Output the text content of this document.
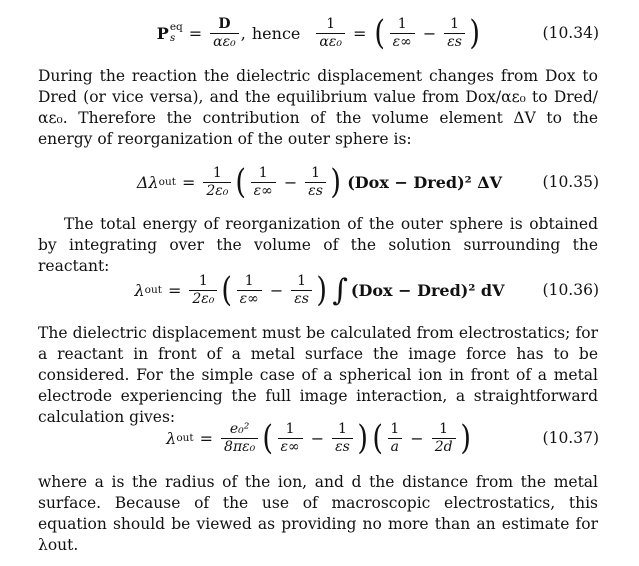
P eq
$s = \frac{D}{\text{αε₀}}$ , hence $\frac{1}{\text{αε₀}}$ = ( $\frac{1}{\varepsilon\infty} - \frac{1}{\varepsilon s}$ )	(10.34)

During the reaction the dielectric displacement changes from Dox to Dred (or vice versa), and the equilibrium value from Dox/αε₀ to Dred/αε₀. Therefore the contribution of the volume element ΔV to the energy of reorganization of the outer sphere is:

Δλ out = $\frac{1}{\text{2ε₀}}$ ( $\frac{1}{\varepsilon\infty} - \frac{1}{\varepsilon s}$ ) (Dox − Dred)² ΔV	(10.35)

The total energy of reorganization of the outer sphere is obtained by integrating over the volume of the solution surrounding the reactant:

λ out = $\frac{1}{\text{2ε₀}}$ ( $\frac{1}{\varepsilon\infty} - \frac{1}{\varepsilon s}$ ) ∫ (Dox − Dred)² dV (10.36)

The dielectric displacement must be calculated from electrostatics; for a reactant in front of a metal surface the image force has to be considered. For the simple case of a spherical ion in front of a metal electrode experiencing the full image interaction, a straightforward calculation gives:

λ out = $\frac{\text{e₀²}}{\text{8πε₀}}$ ( $\frac{1}{\varepsilon\infty} - \frac{1}{\varepsilon s}$ ) ( $\frac{1}{a} - \frac{1}{2d}$ )	(10.37)

where a is the radius of the ion, and d the distance from the metal surface. Because of the use of macroscopic electrostatics, this equation should be viewed as providing no more than an estimate for λout.
